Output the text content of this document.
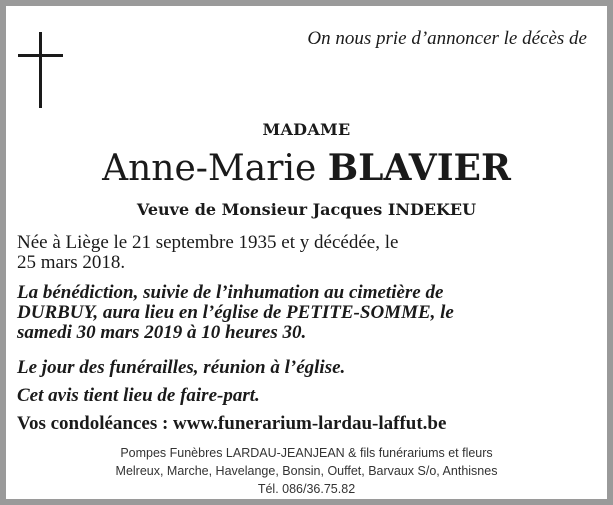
On nous prie d’annoncer le décès de
MADAME
Anne-Marie BLAVIER
Veuve de Monsieur Jacques INDEKEU
Née à Liège le 21 septembre 1935 et y décédée, le
25 mars 2018.
La bénédiction, suivie de l’inhumation au cimetière de
DURBUY, aura lieu en l’église de PETITE-SOMME, le
samedi 30 mars 2019 à 10 heures 30.
Le jour des funérailles, réunion à l’église.
Cet avis tient lieu de faire-part.
Vos condoléances : www.funerarium-lardau-laffut.be
Pompes Funèbres LARDAU-JEANJEAN & fils funérariums et fleurs
Melreux, Marche, Havelange, Bonsin, Ouffet, Barvaux S/o, Anthisnes
Tél. 086/36.75.82
